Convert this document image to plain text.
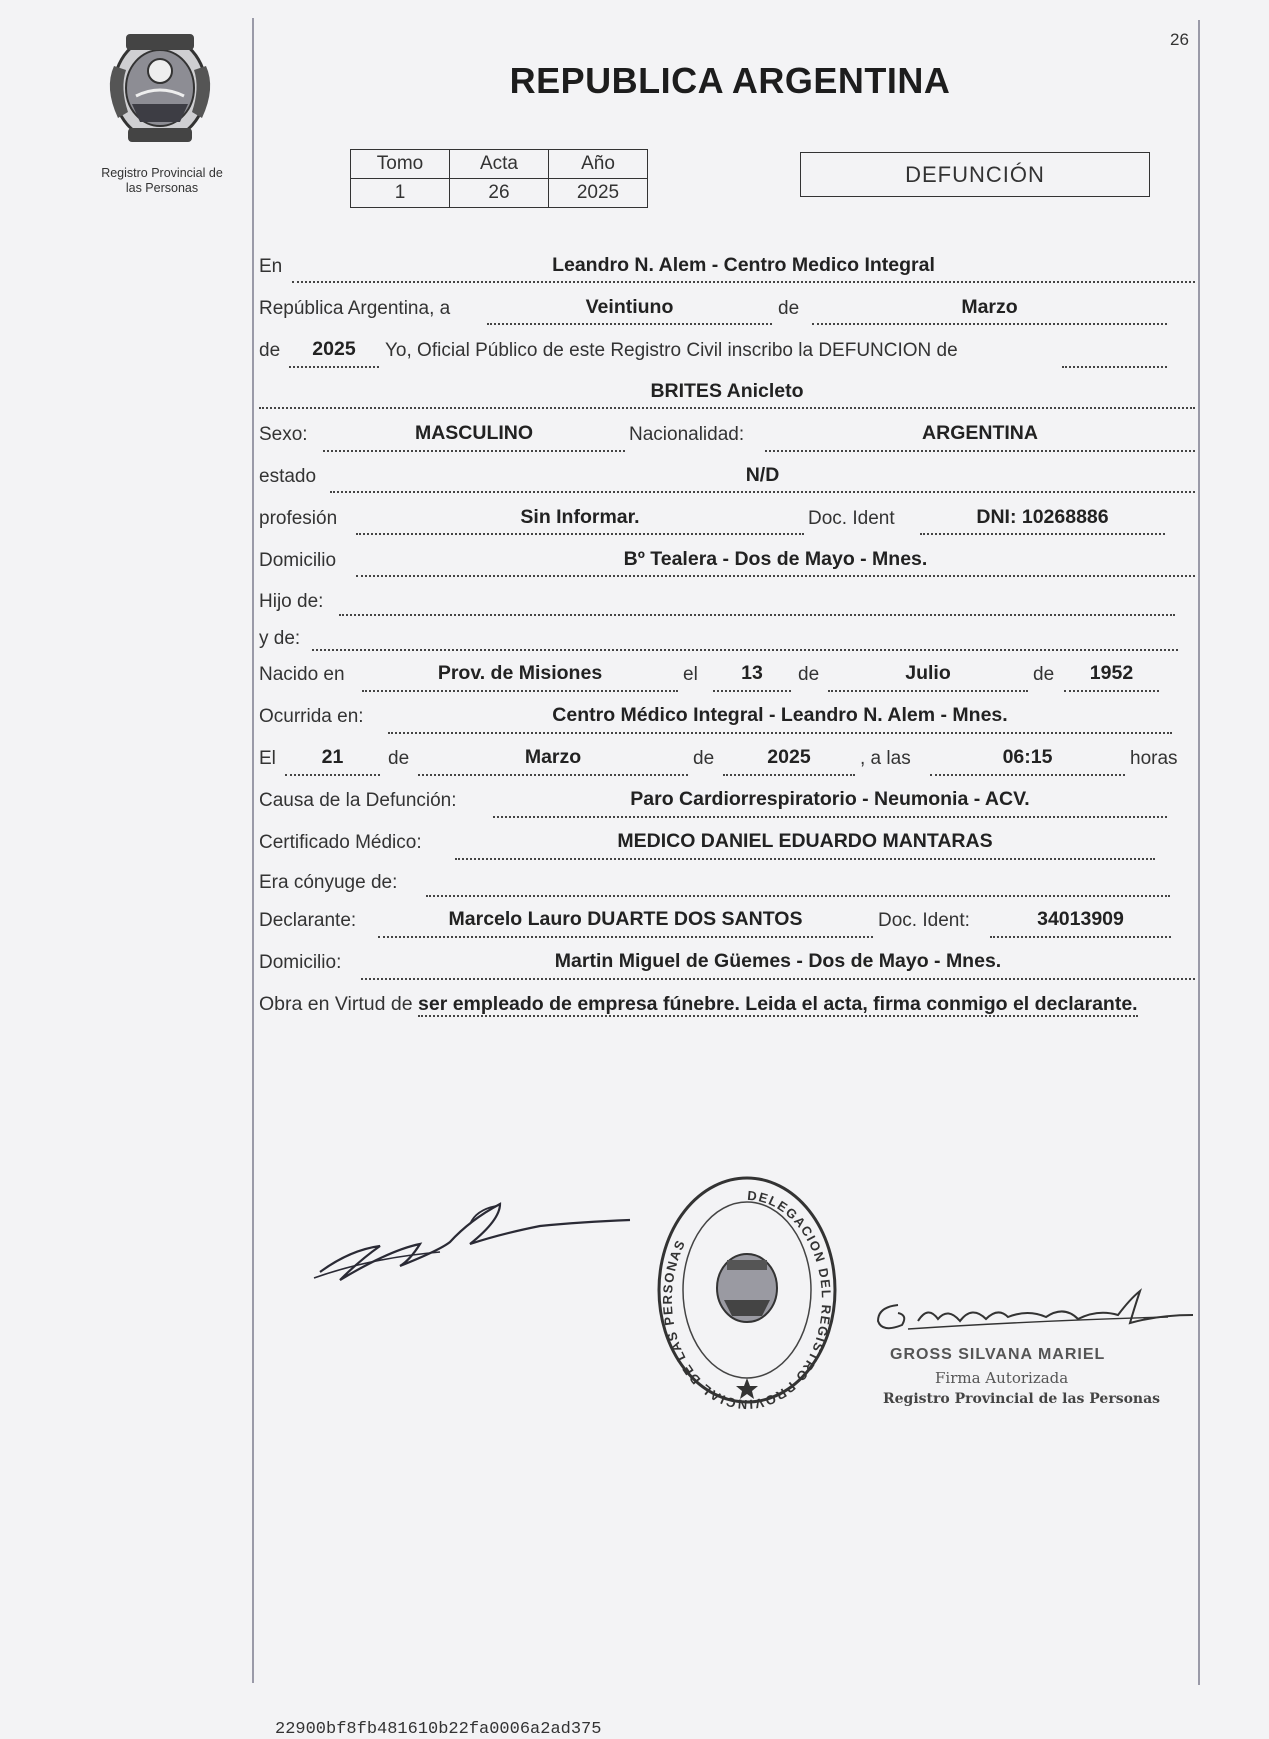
26
Registro Provincial de
las Personas
REPUBLICA ARGENTINA
Tomo	Acta	Año
1	26	2025
DEFUNCIÓN
En	Leandro N. Alem - Centro Medico Integral
República Argentina, a	Veintiuno	de	Marzo
de	2025	Yo, Oficial Público de este Registro Civil inscribo la DEFUNCION de
BRITES Anicleto
Sexo:	MASCULINO	Nacionalidad:	ARGENTINA
estado	N/D
profesión	Sin Informar.	Doc. Ident	DNI: 10268886
Domicilio	Bº Tealera - Dos de Mayo - Mnes.
Hijo de:
y de:
Nacido en	Prov. de Misiones	el	13	de	Julio	de	1952
Ocurrida en:	Centro Médico Integral - Leandro N. Alem - Mnes.
El	21	de	Marzo	de	2025	, a las	06:15	horas
Causa de la Defunción:	Paro Cardiorrespiratorio - Neumonia - ACV.
Certificado Médico:	MEDICO DANIEL EDUARDO MANTARAS
Era cónyuge de:
Declarante:	Marcelo Lauro DUARTE DOS SANTOS	Doc. Ident:	34013909
Domicilio:	Martin Miguel de Güemes - Dos de Mayo - Mnes.
Obra en Virtud de ser empleado de empresa fúnebre. Leida el acta, firma conmigo el declarante.
DELEGACION DEL REGISTRO PROVINCIAL DE LAS PERSONAS
GROSS SILVANA MARIEL
Firma Autorizada
Registro Provincial de las Personas
22900bf8fb481610b22fa0006a2ad375
